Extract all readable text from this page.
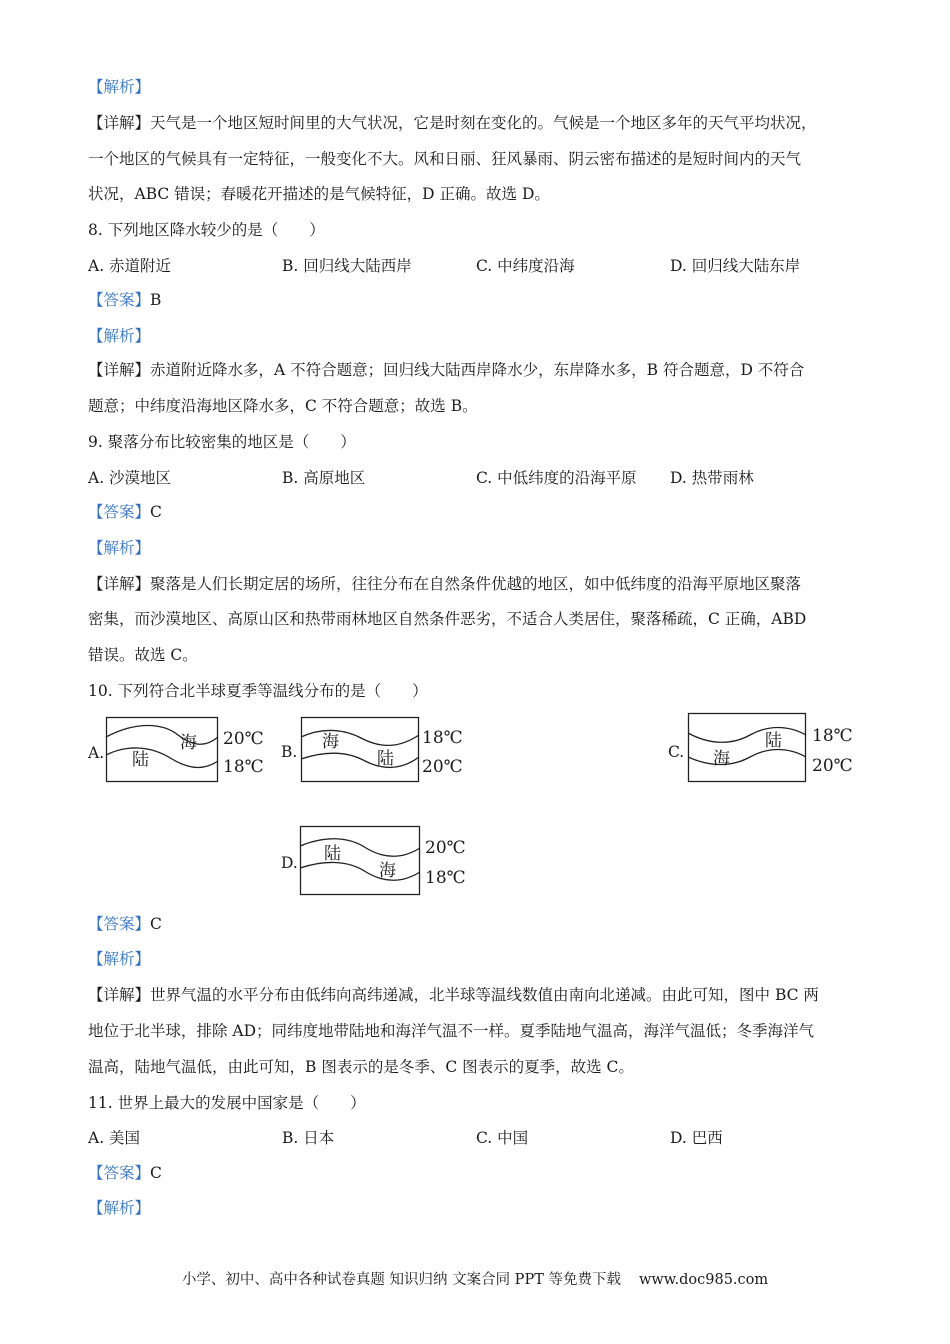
【解析】
【详解】天气是一个地区短时间里的大气状况，它是时刻在变化的。气候是一个地区多年的天气平均状况，
一个地区的气候具有一定特征，一般变化不大。风和日丽、狂风暴雨、阴云密布描述的是短时间内的天气
状况，ABC 错误；春暖花开描述的是气候特征，D 正确。故选 D。
8. 下列地区降水较少的是（　　）
A. 赤道附近	B. 回归线大陆西岸	C. 中纬度沿海	D. 回归线大陆东岸
【答案】B
【解析】
【详解】赤道附近降水多，A 不符合题意；回归线大陆西岸降水少，东岸降水多，B 符合题意，D 不符合
题意；中纬度沿海地区降水多，C 不符合题意；故选 B。
9. 聚落分布比较密集的地区是（　　）
A. 沙漠地区	B. 高原地区	C. 中低纬度的沿海平原 D. 热带雨林
【答案】C
【解析】
【详解】聚落是人们长期定居的场所，往往分布在自然条件优越的地区，如中低纬度的沿海平原地区聚落
密集，而沙漠地区、高原山区和热带雨林地区自然条件恶劣，不适合人类居住，聚落稀疏，C 正确，ABD
错误。故选 C。
10. 下列符合北半球夏季等温线分布的是（　　）
A. 陆
海 20℃
18℃
B. 海
陆
18℃
20℃
C. 海
陆 18℃
20℃
D. 陆
海
20℃
18℃
【答案】C
【解析】
【详解】世界气温的水平分布由低纬向高纬递减，北半球等温线数值由南向北递减。由此可知，图中 BC 两
地位于北半球，排除 AD；同纬度地带陆地和海洋气温不一样。夏季陆地气温高，海洋气温低；冬季海洋气
温高，陆地气温低，由此可知，B 图表示的是冬季、C 图表示的夏季，故选 C。
11. 世界上最大的发展中国家是（　　）
A. 美国	B. 日本	C. 中国	D. 巴西
【答案】C
【解析】
小学、初中、高中各种试卷真题 知识归纳 文案合同 PPT 等免费下载 www.doc985.com
